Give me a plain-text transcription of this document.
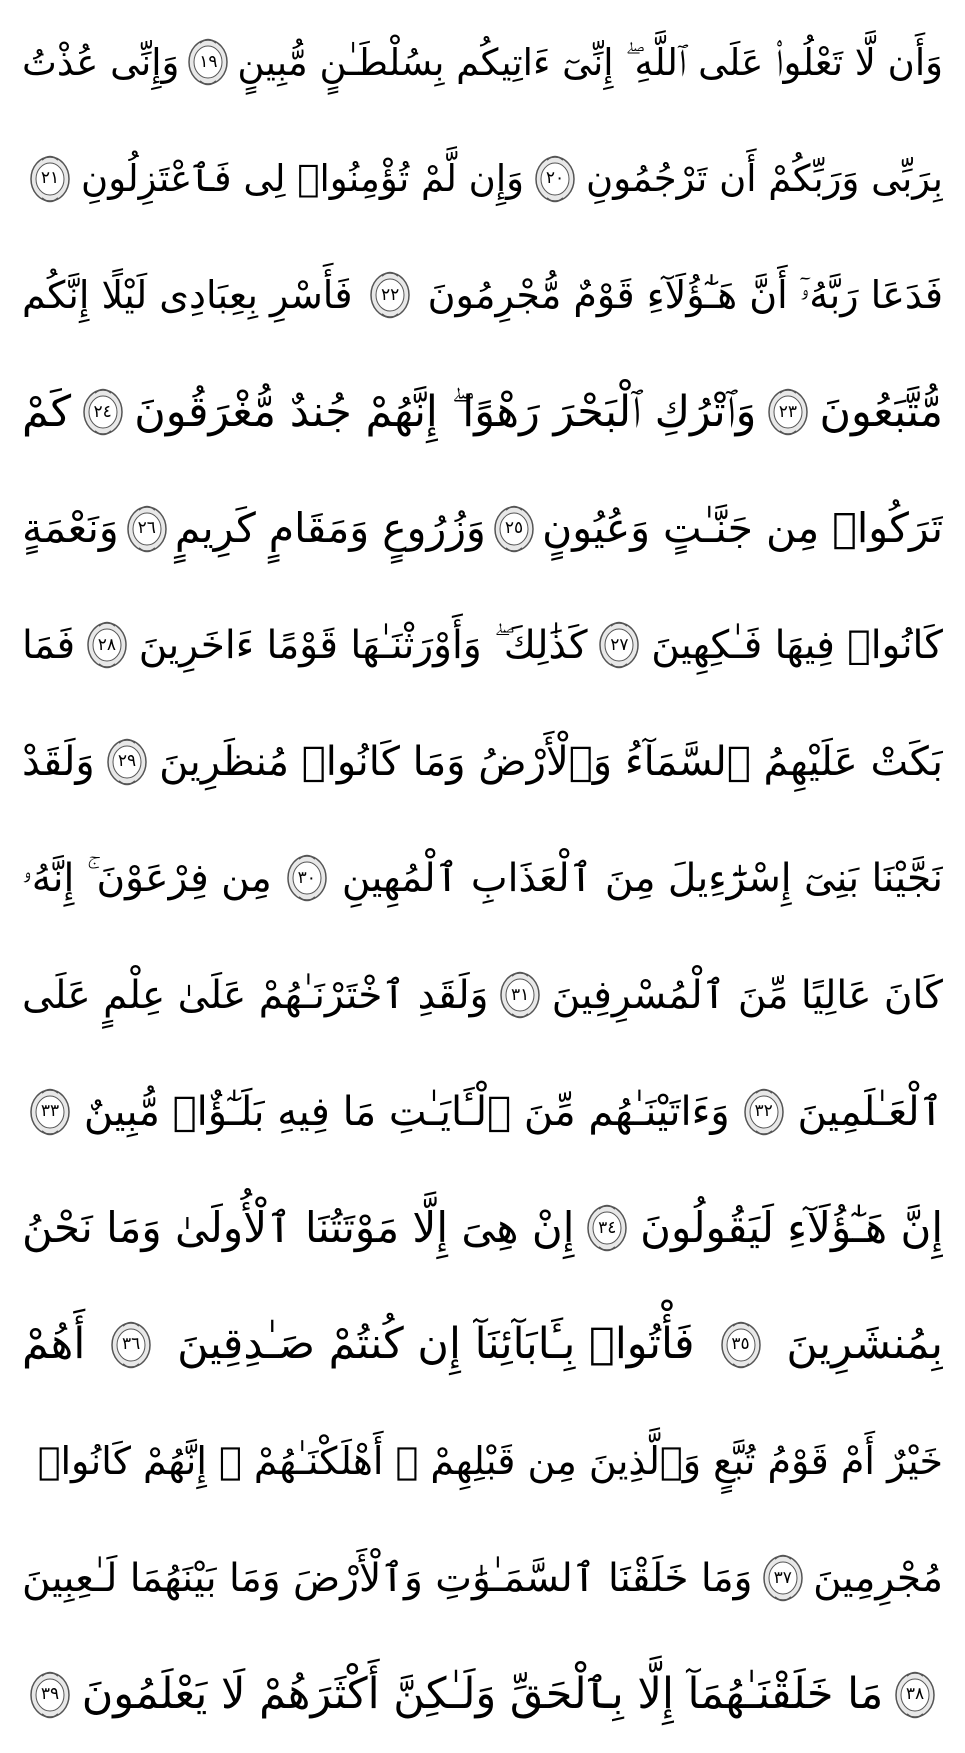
وَأَن لَّا تَعْلُوا۟ عَلَى ٱللَّهِ ۖ إِنِّىٓ ءَاتِيكُم بِسُلْطَـٰنٍ مُّبِينٍ
١٩
وَإِنِّى عُذْتُ
بِرَبِّى وَرَبِّكُمْ أَن تَرْجُمُونِ
٢٠
وَإِن لَّمْ تُؤْمِنُوا۟ لِى فَٱعْتَزِلُونِ
٢١
فَدَعَا رَبَّهُۥٓ أَنَّ هَـٰٓؤُلَآءِ قَوْمٌ مُّجْرِمُونَ
٢٢
فَأَسْرِ بِعِبَادِى لَيْلًا إِنَّكُم
مُّتَّبَعُونَ
٢٣
وَٱتْرُكِ ٱلْبَحْرَ رَهْوًا ۖ إِنَّهُمْ جُندٌ مُّغْرَقُونَ
٢٤
كَمْ
تَرَكُوا۟ مِن جَنَّـٰتٍ وَعُيُونٍ
٢٥
وَزُرُوعٍ وَمَقَامٍ كَرِيمٍ
٢٦
وَنَعْمَةٍ
كَانُوا۟ فِيهَا فَـٰكِهِينَ
٢٧
كَذَٰلِكَ ۖ وَأَوْرَثْنَـٰهَا قَوْمًا ءَاخَرِينَ
٢٨
فَمَا
بَكَتْ عَلَيْهِمُ ٱلسَّمَآءُ وَٱلْأَرْضُ وَمَا كَانُوا۟ مُنظَرِينَ
٢٩
وَلَقَدْ
نَجَّيْنَا بَنِىٓ إِسْرَٰٓءِيلَ مِنَ ٱلْعَذَابِ ٱلْمُهِينِ
٣٠
مِن فِرْعَوْنَ ۚ إِنَّهُۥ
كَانَ عَالِيًا مِّنَ ٱلْمُسْرِفِينَ
٣١
وَلَقَدِ ٱخْتَرْنَـٰهُمْ عَلَىٰ عِلْمٍ عَلَى
ٱلْعَـٰلَمِينَ
٣٢
وَءَاتَيْنَـٰهُم مِّنَ ٱلْـَٔايَـٰتِ مَا فِيهِ بَلَـٰٓؤٌا۟ مُّبِينٌ
٣٣
إِنَّ هَـٰٓؤُلَآءِ لَيَقُولُونَ
٣٤
إِنْ هِىَ إِلَّا مَوْتَتُنَا ٱلْأُولَىٰ وَمَا نَحْنُ
بِمُنشَرِينَ
٣٥
فَأْتُوا۟ بِـَٔابَآئِنَآ إِن كُنتُمْ صَـٰدِقِينَ
٣٦
أَهُمْ
خَيْرٌ أَمْ قَوْمُ تُبَّعٍ وَٱلَّذِينَ مِن قَبْلِهِمْ ۚ أَهْلَكْنَـٰهُمْ ۖ إِنَّهُمْ كَانُوا۟
مُجْرِمِينَ
٣٧
وَمَا خَلَقْنَا ٱلسَّمَـٰوَٰتِ وَٱلْأَرْضَ وَمَا بَيْنَهُمَا لَـٰعِبِينَ
٣٨
مَا خَلَقْنَـٰهُمَآ إِلَّا بِٱلْحَقِّ وَلَـٰكِنَّ أَكْثَرَهُمْ لَا يَعْلَمُونَ
٣٩
